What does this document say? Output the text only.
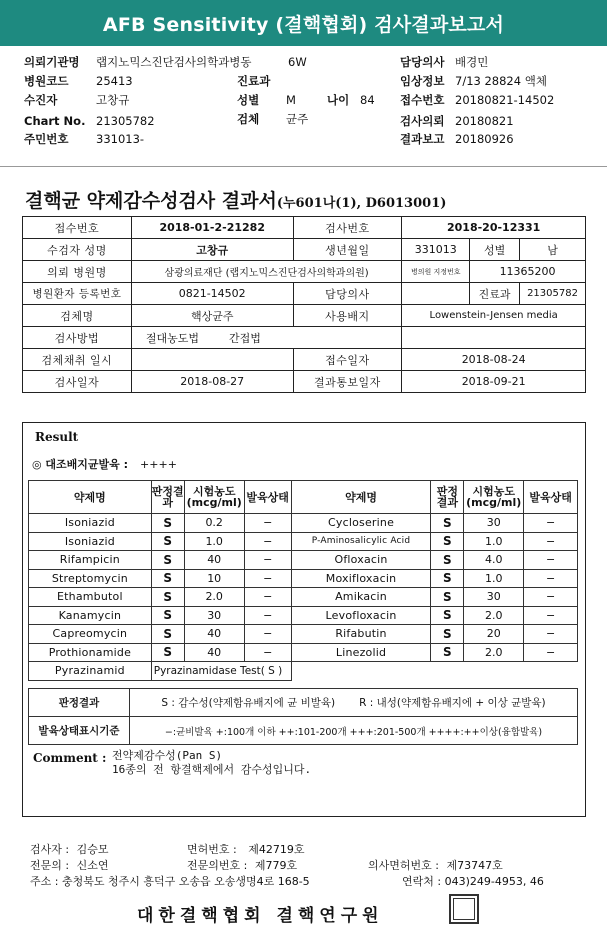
AFB Sensitivity (결핵협회) 검사결과보고서
의뢰기관명 랩지노믹스진단검사의학과병동	6W	담당의사 배경민
병원코드 25413	진료과	임상정보 7/13 28824 액체
수진자	고창규	성별 M	나이 84 접수번호 20180821-14502
Chart No. 21305782	검체 균주	검사의뢰 20180821
주민번호 331013-	결과보고 20180926
결핵균 약제감수성검사 결과서(누601나(1), D6013001)
접수번호	2018-01-2-21282	검사번호	2018-20-12331		
수검자 성명	고창규	생년월일	331013	성별	남
의뢰 병원명	삼광의료재단 (랩지노믹스진단검사의학과의원)		병의원 지정번호	11365200	
병원환자 등록번호	0821-14502	담당의사		진료과	21305782
검체명	핵상균주	사용배지	Lowenstein-Jensen media		
검사방법	절대농도법 간접법				
검체채취 일시		접수일자	2018-08-24		
검사일자	2018-08-27	결과통보일자	2018-09-21		
Result
◎ 대조배지균발육 : ++++
약제명	판정결과	시험농도(mcg/ml)	발육상태	약제명	판정결과	시험농도(mcg/ml)	발육상태
Isoniazid	S	0.2	−	Cycloserine	S	30	−
Isoniazid	S	1.0	−	P-Aminosalicylic Acid	S	1.0	−
Rifampicin	S	40	−	Ofloxacin	S	4.0	−
Streptomycin	S	10	−	Moxifloxacin	S	1.0	−
Ethambutol	S	2.0	−	Amikacin	S	30	−
Kanamycin	S	30	−	Levofloxacin	S	2.0	−
Capreomycin	S	40	−	Rifabutin	S	20	−
Prothionamide	S	40	−	Linezolid	S	2.0	−
Pyrazinamid	Pyrazinamidase Test( S )						
판정결과	S : 감수성(약제함유배지에 균 비발육) R : 내성(약제함유배지에 + 이상 균발육)
발육상태표시기준	−:균비발육 +:100개 이하 ++:101-200개 +++:201-500개 ++++:++이상(융합발육)
Comment : 전약제감수성(Pan S)
16종의 전 항결핵제에서 감수성입니다.
검사자 : 김승모	면허번호 : 제42719호
전문의 : 신소연	전문의번호 : 제779호	의사면허번호 : 제73747호
주소 : 충청북도 청주시 흥덕구 오송읍 오송생명4로 168-5	연락처 : 043)249-4953, 46
대한결핵협회 결핵연구원
